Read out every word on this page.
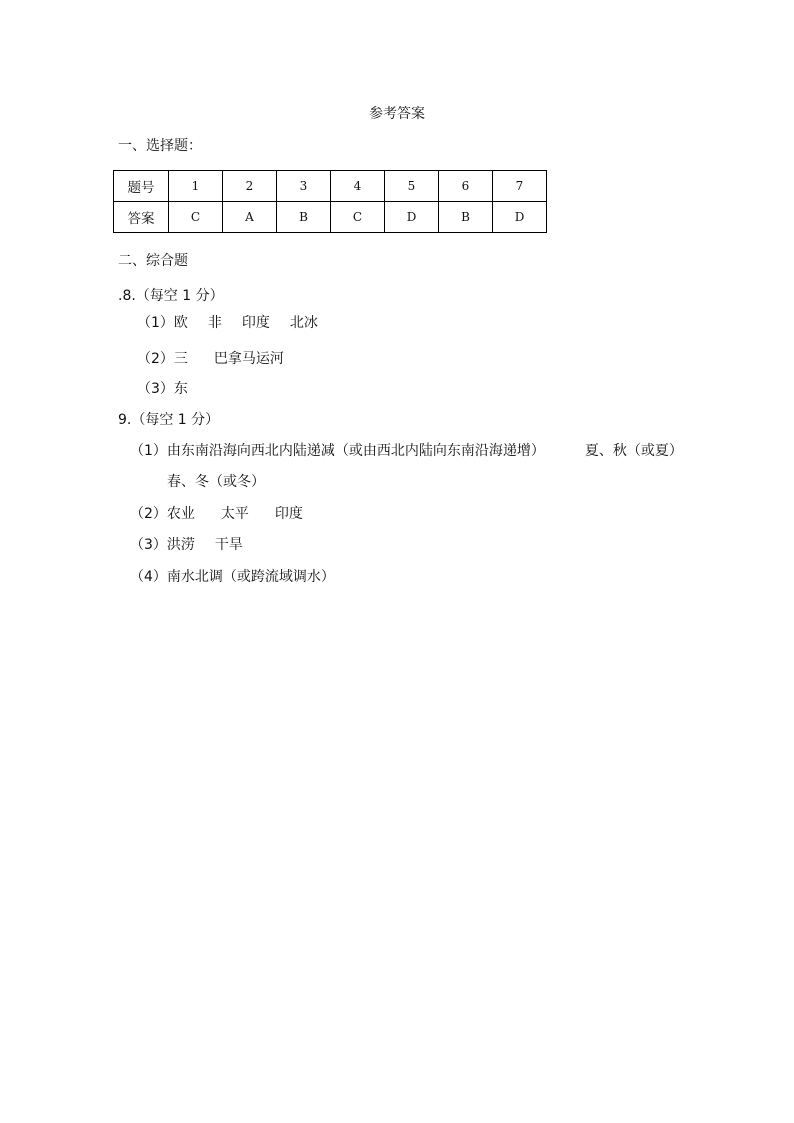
参考答案
一、选择题：
题号	1	2	3	4	5	6	7
答案	C	A	B	C	D	B	D
二、综合题
.8.（每空 1 分）
（1）欧 非 印度 北冰
（2）三 巴拿马运河
（3）东
9.（每空 1 分）
（1）由东南沿海向西北内陆递减（或由西北内陆向东南沿海递增）	夏、秋（或夏）
春、冬（或冬）
（2）农业 太平 印度
（3）洪涝 干旱
（4）南水北调（或跨流域调水）
